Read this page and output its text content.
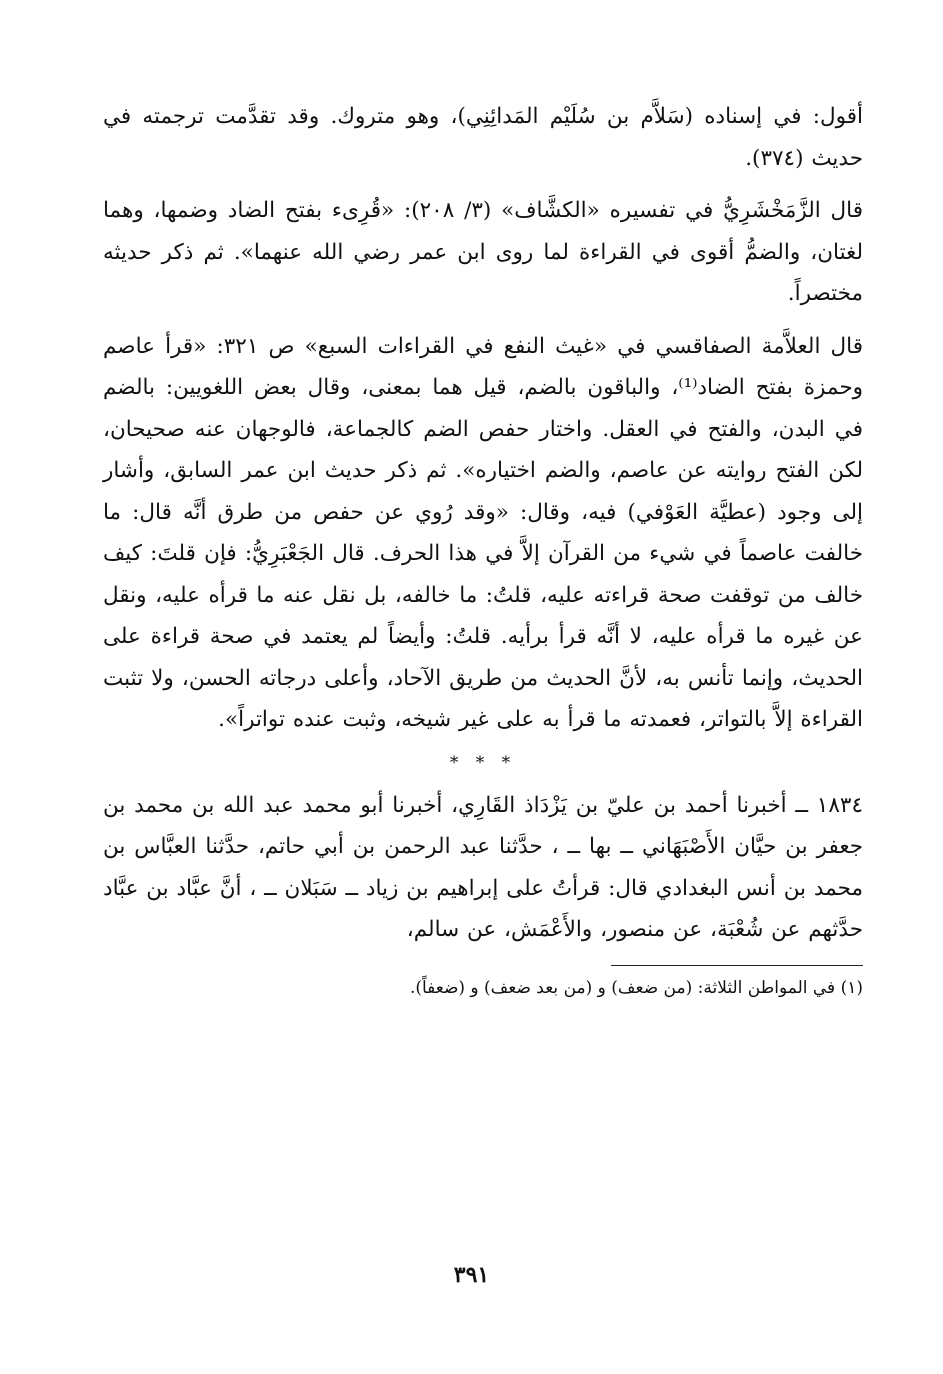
أقول: في إسناده (سَلاَّم بن سُلَيْم المَدائِنِي)، وهو متروك. وقد تقدَّمت ترجمته في حديث (٣٧٤).

قال الزَّمَخْشَرِيُّ في تفسيره «الكشَّاف» (٣/ ٢٠٨): «قُرِىء بفتح الضاد وضمها، وهما لغتان، والضمُّ أقوى في القراءة لما روى ابن عمر رضي الله عنهما». ثم ذكر حديثه مختصراً.

قال العلاَّمة الصفاقسي في «غيث النفع في القراءات السبع» ص ٣٢١: «قرأ عاصم وحمزة بفتح الضاد⁽¹⁾، والباقون بالضم، قيل هما بمعنى، وقال بعض اللغويين: بالضم في البدن، والفتح في العقل. واختار حفص الضم كالجماعة، فالوجهان عنه صحيحان، لكن الفتح روايته عن عاصم، والضم اختياره». ثم ذكر حديث ابن عمر السابق، وأشار إلى وجود (عطيَّة العَوْفي) فيه، وقال: «وقد رُوي عن حفص من طرق أنَّه قال: ما خالفت عاصماً في شيء من القرآن إلاَّ في هذا الحرف. قال الجَعْبَرِيُّ: فإن قلتَ: كيف خالف من توقفت صحة قراءته عليه، قلتُ: ما خالفه، بل نقل عنه ما قرأه عليه، ونقل عن غيره ما قرأه عليه، لا أنَّه قرأ برأيه. قلتُ: وأيضاً لم يعتمد في صحة قراءة على الحديث، وإنما تأنس به، لأنَّ الحديث من طريق الآحاد، وأعلى درجاته الحسن، ولا تثبت القراءة إلاَّ بالتواتر، فعمدته ما قرأ به على غير شيخه، وثبت عنده تواتراً».

* * *

١٨٣٤ ــ أخبرنا أحمد بن عليّ بن يَزْدَاذ القَارِي، أخبرنا أبو محمد عبد الله بن محمد بن جعفر بن حيَّان الأَصْبَهَاني ــ بها ــ ، حدَّثنا عبد الرحمن بن أبي حاتم، حدَّثنا العبَّاس بن محمد بن أنس البغدادي قال: قرأتُ على إبراهيم بن زياد ــ سَبَلان ــ ، أنَّ عبَّاد بن عبَّاد حدَّثهم عن شُعْبَة، عن منصور، والأَعْمَش، عن سالم،

(١) في المواطن الثلاثة: (من ضعف) و (من بعد ضعف) و (ضعفاً).
٣٩١
